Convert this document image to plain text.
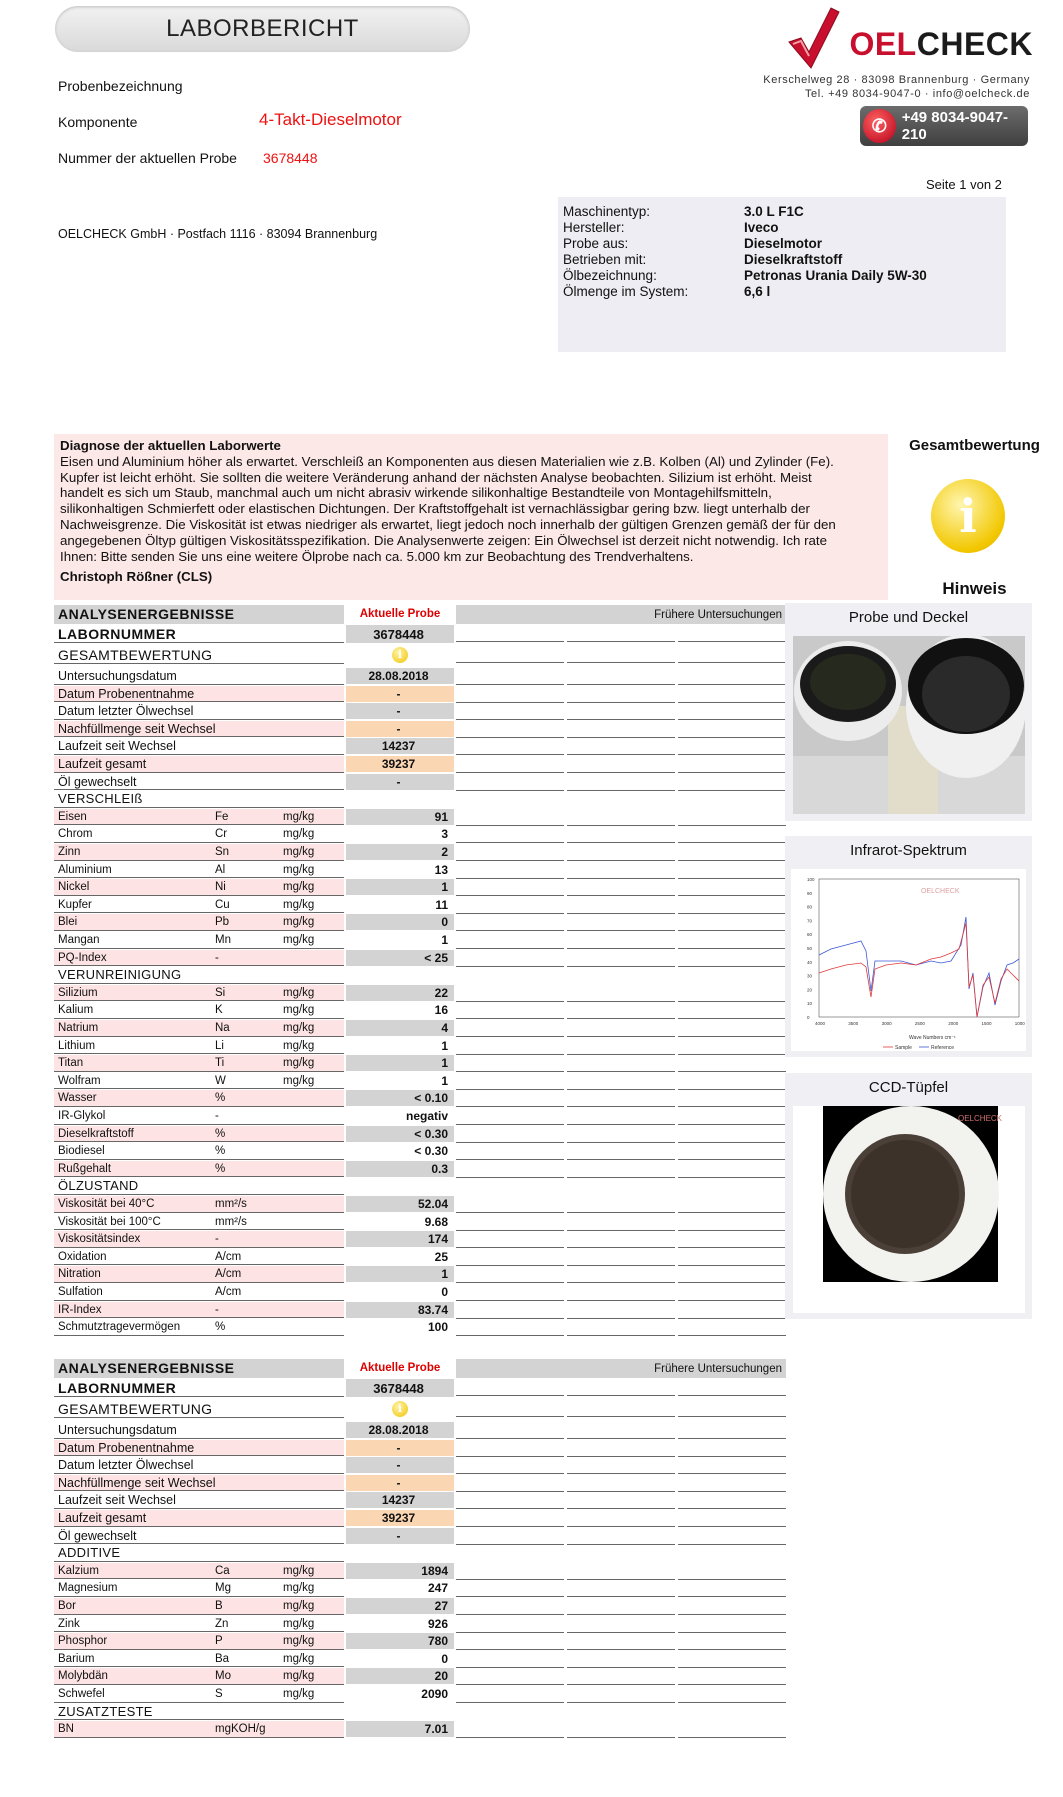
LABORBERICHT
Probenbezeichnung
Komponente	4-Takt-Dieselmotor
Nummer der aktuellen Probe 3678448
OELCHECK
Kerschelweg 28 · 83098 Brannenburg · Germany
Tel. +49 8034-9047-0 · info@oelcheck.de
✆ +49 8034-9047-210
Seite 1 von 2
OELCHECK GmbH · Postfach 1116 · 83094 Brannenburg
Maschinentyp:	3.0 L F1C
Hersteller:	Iveco
Probe aus:	Dieselmotor
Betrieben mit:	Dieselkraftstoff
Ölbezeichnung:	Petronas Urania Daily 5W-30
Ölmenge im System:	6,6 l
Diagnose der aktuellen Laborwerte
Eisen und Aluminium höher als erwartet. Verschleiß an Komponenten aus diesen Materialien wie z.B. Kolben (Al) und Zylinder (Fe).
Kupfer ist leicht erhöht. Sie sollten die weitere Veränderung anhand der nächsten Analyse beobachten. Silizium ist erhöht. Meist
handelt es sich um Staub, manchmal auch um nicht abrasiv wirkende silikonhaltige Bestandteile von Montagehilfsmitteln,
silikonhaltigen Schmierfett oder elastischen Dichtungen. Der Kraftstoffgehalt ist vernachlässigbar gering bzw. liegt unterhalb der
Nachweisgrenze. Die Viskosität ist etwas niedriger als erwartet, liegt jedoch noch innerhalb der gültigen Grenzen gemäß der für den
angegebenen Öltyp gültigen Viskositätsspezifikation. Die Analysenwerte zeigen: Ein Ölwechsel ist derzeit nicht notwendig. Ich rate
Ihnen: Bitte senden Sie uns eine weitere Ölprobe nach ca. 5.000 km zur Beobachtung des Trendverhaltens.
Christoph Rößner (CLS)
Gesamtbewertung
i
Hinweis
ANALYSENERGEBNISSE	Aktuelle Probe	Frühere Untersuchungen
LABORNUMMER	3678448
GESAMTBEWERTUNG	i
Untersuchungsdatum	28.08.2018
Datum Probenentnahme	-
Datum letzter Ölwechsel	-
Nachfüllmenge seit Wechsel	-
Laufzeit seit Wechsel	14237
Laufzeit gesamt	39237
Öl gewechselt	-
VERSCHLEIß
Eisen	Fe	mg/kg	91
Chrom	Cr	mg/kg	3
Zinn	Sn	mg/kg	2
Aluminium	Al	mg/kg	13
Nickel	Ni	mg/kg	1
Kupfer	Cu	mg/kg	11
Blei	Pb	mg/kg	0
Mangan	Mn	mg/kg	1
PQ-Index	-	< 25
VERUNREINIGUNG
Silizium	Si	mg/kg	22
Kalium	K	mg/kg	16
Natrium	Na	mg/kg	4
Lithium	Li	mg/kg	1
Titan	Ti	mg/kg	1
Wolfram	W	mg/kg	1
Wasser	%	< 0.10
IR-Glykol	-	negativ
Dieselkraftstoff	%	< 0.30
Biodiesel	%	< 0.30
Rußgehalt	%	0.3
ÖLZUSTAND
Viskosität bei 40°C	mm²/s	52.04
Viskosität bei 100°C	mm²/s	9.68
Viskositätsindex	-	174
Oxidation	A/cm	25
Nitration	A/cm	1
Sulfation	A/cm	0
IR-Index	-	83.74
Schmutztragevermögen	%	100
ANALYSENERGEBNISSE	Aktuelle Probe	Frühere Untersuchungen
LABORNUMMER	3678448
GESAMTBEWERTUNG	i
Untersuchungsdatum	28.08.2018
Datum Probenentnahme	-
Datum letzter Ölwechsel	-
Nachfüllmenge seit Wechsel	-
Laufzeit seit Wechsel	14237
Laufzeit gesamt	39237
Öl gewechselt	-
ADDITIVE
Kalzium	Ca	mg/kg	1894
Magnesium	Mg	mg/kg	247
Bor	B	mg/kg	27
Zink	Zn	mg/kg	926
Phosphor	P	mg/kg	780
Barium	Ba	mg/kg	0
Molybdän	Mo	mg/kg	20
Schwefel	S	mg/kg	2090
ZUSATZTESTE
BN	mgKOH/g	7.01
Probe und Deckel
Infrarot-Spektrum
OELCHECK
Wave Numbers cm⁻¹
100
90
80
70
60
50
40
30
20
10
0
4000	3500	3000	2500	2000	1500	1000
Sample	Reference
CCD-Tüpfel
OELCHECK
